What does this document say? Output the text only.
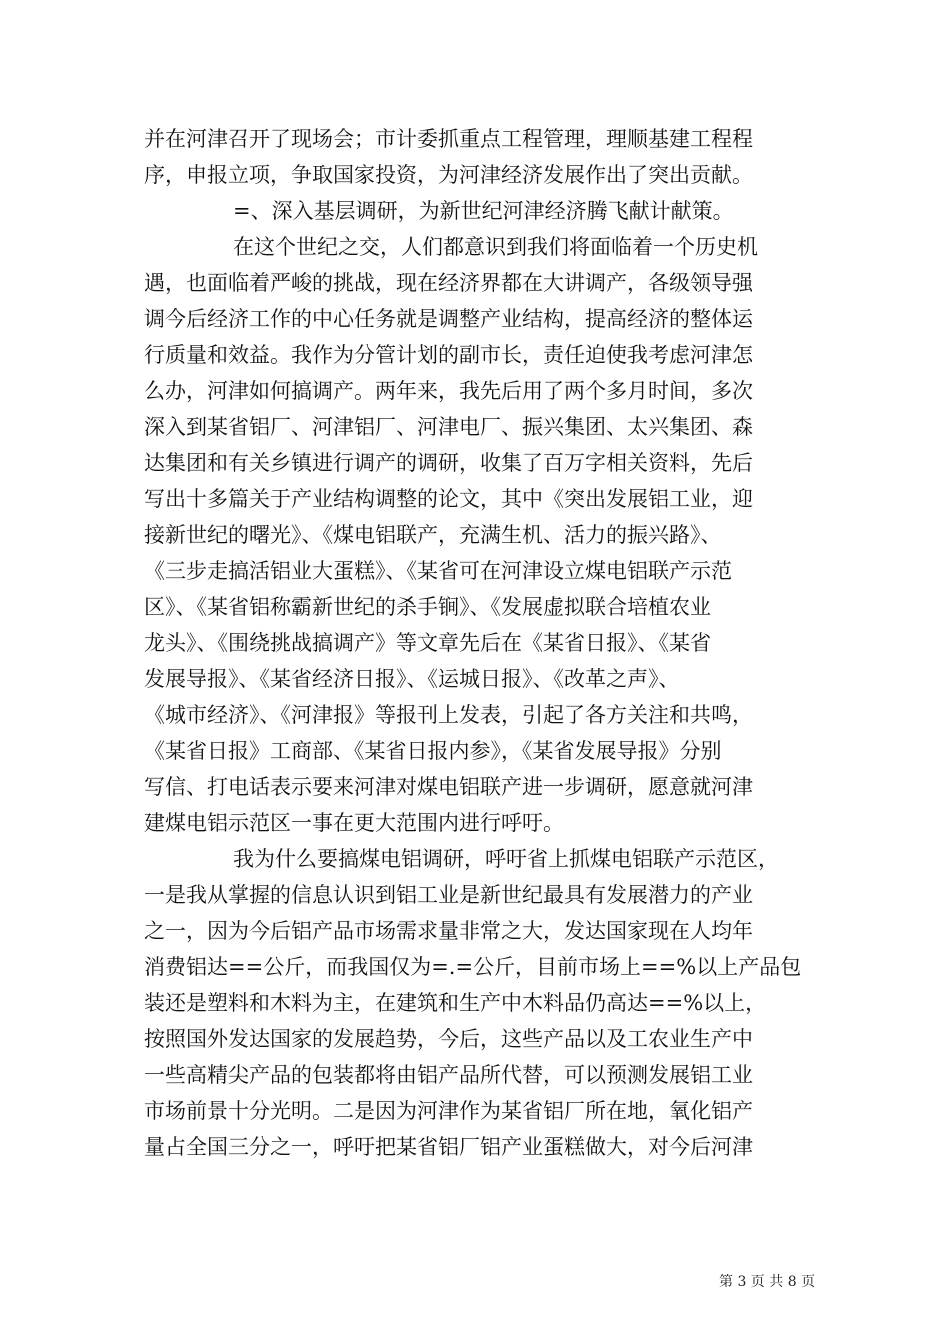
并在河津召开了现场会；市计委抓重点工程管理，理顺基建工程程
序，申报立项，争取国家投资，为河津经济发展作出了突出贡献。
=、深入基层调研，为新世纪河津经济腾飞献计献策。
在这个世纪之交，人们都意识到我们将面临着一个历史机
遇，也面临着严峻的挑战，现在经济界都在大讲调产，各级领导强
调今后经济工作的中心任务就是调整产业结构，提高经济的整体运
行质量和效益。我作为分管计划的副市长，责任迫使我考虑河津怎
么办，河津如何搞调产。两年来，我先后用了两个多月时间，多次
深入到某省铝厂、河津铝厂、河津电厂、振兴集团、太兴集团、森
达集团和有关乡镇进行调产的调研，收集了百万字相关资料，先后
写出十多篇关于产业结构调整的论文，其中《突出发展铝工业，迎
接新世纪的曙光》、《煤电铝联产，充满生机、活力的振兴路》、
《三步走搞活铝业大蛋糕》、《某省可在河津设立煤电铝联产示范
区》、《某省铝称霸新世纪的杀手锏》、《发展虚拟联合培植农业
龙头》、《围绕挑战搞调产》等文章先后在《某省日报》、《某省
发展导报》、《某省经济日报》、《运城日报》、《改革之声》、
《城市经济》、《河津报》等报刊上发表，引起了各方关注和共鸣，
《某省日报》工商部、《某省日报内参》，《某省发展导报》分别
写信、打电话表示要来河津对煤电铝联产进一步调研，愿意就河津
建煤电铝示范区一事在更大范围内进行呼吁。
我为什么要搞煤电铝调研，呼吁省上抓煤电铝联产示范区，
一是我从掌握的信息认识到铝工业是新世纪最具有发展潜力的产业
之一，因为今后铝产品市场需求量非常之大，发达国家现在人均年
消费铝达==公斤，而我国仅为=.=公斤，目前市场上==%以上产品包
装还是塑料和木料为主，在建筑和生产中木料品仍高达==%以上，
按照国外发达国家的发展趋势，今后，这些产品以及工农业生产中
一些高精尖产品的包装都将由铝产品所代替，可以预测发展铝工业
市场前景十分光明。二是因为河津作为某省铝厂所在地，氧化铝产
量占全国三分之一，呼吁把某省铝厂铝产业蛋糕做大，对今后河津
第 3 页 共 8 页
